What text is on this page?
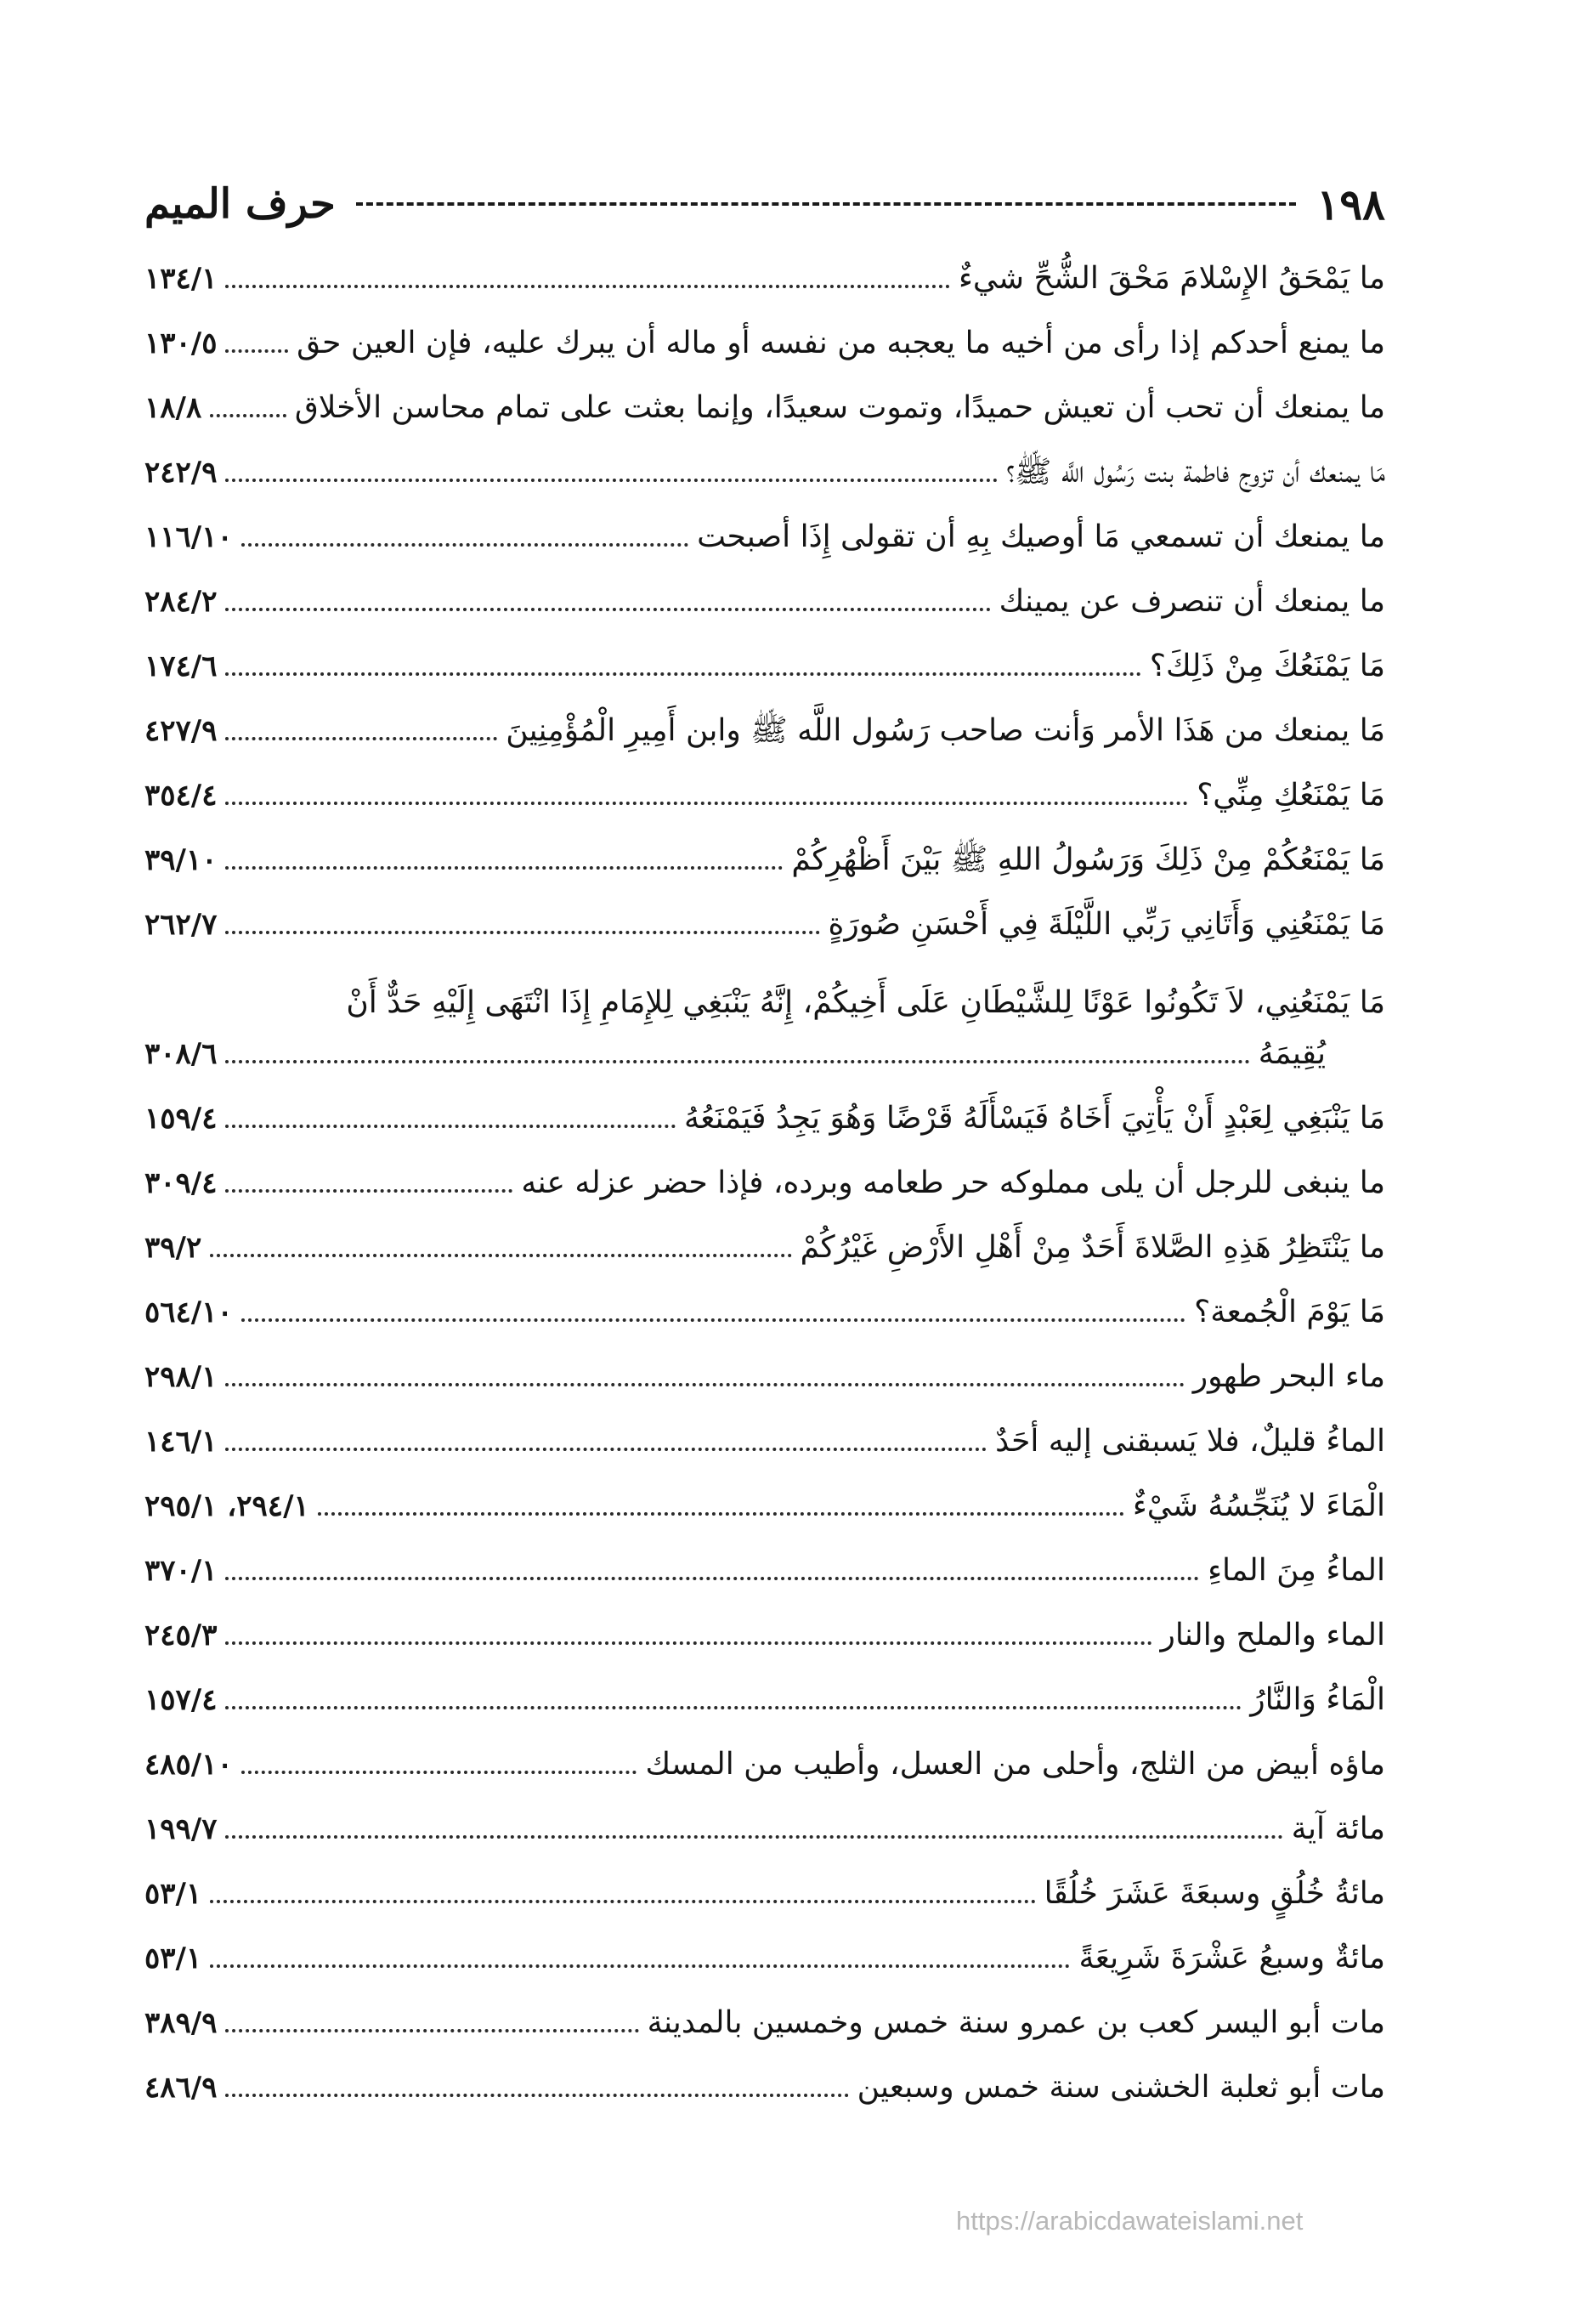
١٩٨
حرف الميم
ما يَمْحَقُ الإِسْلامَ مَحْقَ الشُّحِّ شيءٌ
١٣٤/١
ما يمنع أحدكم إذا رأى من أخيه ما يعجبه من نفسه أو ماله أن يبرك عليه، فإن العين حق
١٣٠/٥
ما يمنعك أن تحب أن تعيش حميدًا، وتموت سعيدًا، وإنما بعثت على تمام محاسن الأخلاق
١٨/٨
مَا يمنعك أن تزوج فاطمة بنت رَسُول اللَّه ﷺ؟
٢٤٢/٩
ما يمنعك أن تسمعي مَا أوصيك بِهِ أن تقولى إِذَا أصبحت
١١٦/١٠
ما يمنعك أن تنصرف عن يمينك
٢٨٤/٢
مَا يَمْنَعُكَ مِنْ ذَلِكَ؟
١٧٤/٦
مَا يمنعك من هَذَا الأمر وَأنت صاحب رَسُول اللَّه ﷺ وابن أَمِيرِ الْمُؤْمِنِينَ
٤٢٧/٩
مَا يَمْنَعُكِ مِنِّي؟
٣٥٤/٤
مَا يَمْنَعُكُمْ مِنْ ذَلِكَ وَرَسُولُ اللهِ ﷺ بَيْنَ أَظْهُرِكُمْ
٣٩/١٠
مَا يَمْنَعُنِي وَأَتَانِي رَبِّي اللَّيْلَةَ فِي أَحْسَنِ صُورَةٍ
٢٦٢/٧
مَا يَمْنَعُنِي، لاَ تَكُونُوا عَوْنًا لِلشَّيْطَانِ عَلَى أَخِيكُمْ، إِنَّهُ يَنْبَغِي لِلإِمَامِ إِذَا انْتَهَى إِلَيْهِ حَدٌّ أَنْ
يُقِيمَهُ
٣٠٨/٦
مَا يَنْبَغِي لِعَبْدٍ أَنْ يَأْتِيَ أَخَاهُ فَيَسْأَلَهُ قَرْضًا وَهُوَ يَجِدُ فَيَمْنَعُهُ
١٥٩/٤
ما ينبغى للرجل أن يلى مملوكه حر طعامه وبرده، فإذا حضر عزله عنه
٣٠٩/٤
ما يَنْتَظِرُ هَذِهِ الصَّلاةَ أَحَدٌ مِنْ أَهْلِ الأَرْضِ غَيْرُكُمْ
٣٩/٢
مَا يَوْمَ الْجُمعة؟
٥٦٤/١٠
ماء البحر طهور
٢٩٨/١
الماءُ قليلٌ، فلا يَسبقنى إليه أحَدٌ
١٤٦/١
الْمَاءَ لا يُنَجِّسُهُ شَيْءٌ
٢٩٤/١، ٢٩٥/١
الماءُ مِنَ الماءِ
٣٧٠/١
الماء والملح والنار
٢٤٥/٣
الْمَاءُ وَالنَّارُ
١٥٧/٤
ماؤه أبيض من الثلج، وأحلى من العسل، وأطيب من المسك
٤٨٥/١٠
مائة آية
١٩٩/٧
مائةُ خُلُقٍ وسبعَةَ عَشَرَ خُلُقًا
٥٣/١
مائةٌ وسبعُ عَشْرَةَ شَرِيعَةً
٥٣/١
مات أبو اليسر كعب بن عمرو سنة خمس وخمسين بالمدينة
٣٨٩/٩
مات أبو ثعلبة الخشنى سنة خمس وسبعين
٤٨٦/٩
https://arabicdawateislami.net
